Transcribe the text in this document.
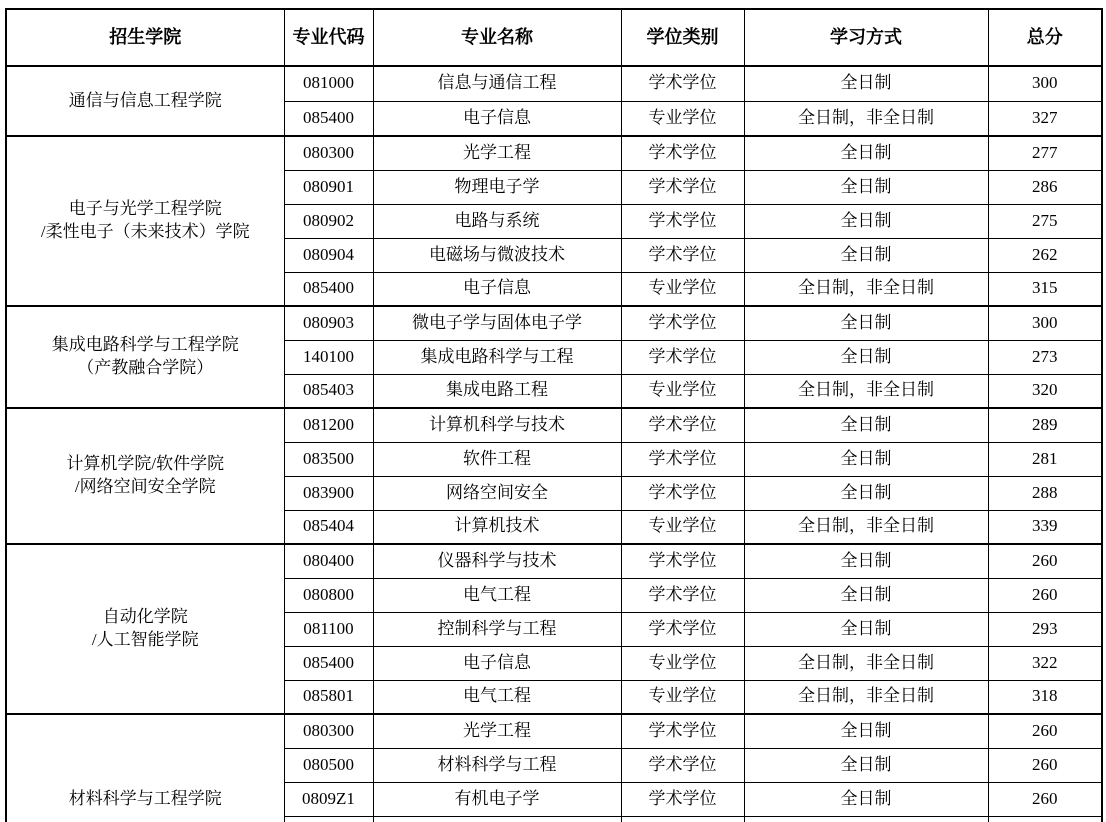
招生学院	专业代码	专业名称	学位类别	学习方式	总分

通信与信息工程学院	081000	信息与通信工程	学术学位	全日制	300
	085400	电子信息	专业学位	全日制，非全日制	327

电子与光学工程学院
/柔性电子（未来技术）学院	080300	光学工程	学术学位	全日制	277
	080901	物理电子学	学术学位	全日制	286
	080902	电路与系统	学术学位	全日制	275
	080904	电磁场与微波技术	学术学位	全日制	262
	085400	电子信息	专业学位	全日制，非全日制	315

集成电路科学与工程学院
（产教融合学院）	080903	微电子学与固体电子学	学术学位	全日制	300
	140100	集成电路科学与工程	学术学位	全日制	273
	085403	集成电路工程	专业学位	全日制，非全日制	320

计算机学院/软件学院
/网络空间安全学院	081200	计算机科学与技术	学术学位	全日制	289
	083500	软件工程	学术学位	全日制	281
	083900	网络空间安全	学术学位	全日制	288
	085404	计算机技术	专业学位	全日制，非全日制	339

自动化学院
/人工智能学院	080400	仪器科学与技术	学术学位	全日制	260
	080800	电气工程	学术学位	全日制	260
	081100	控制科学与工程	学术学位	全日制	293
	085400	电子信息	专业学位	全日制，非全日制	322
	085801	电气工程	专业学位	全日制，非全日制	318

材料科学与工程学院	080300	光学工程	学术学位	全日制	260
	080500	材料科学与工程	学术学位	全日制	260
	0809Z1	有机电子学	学术学位	全日制	260
